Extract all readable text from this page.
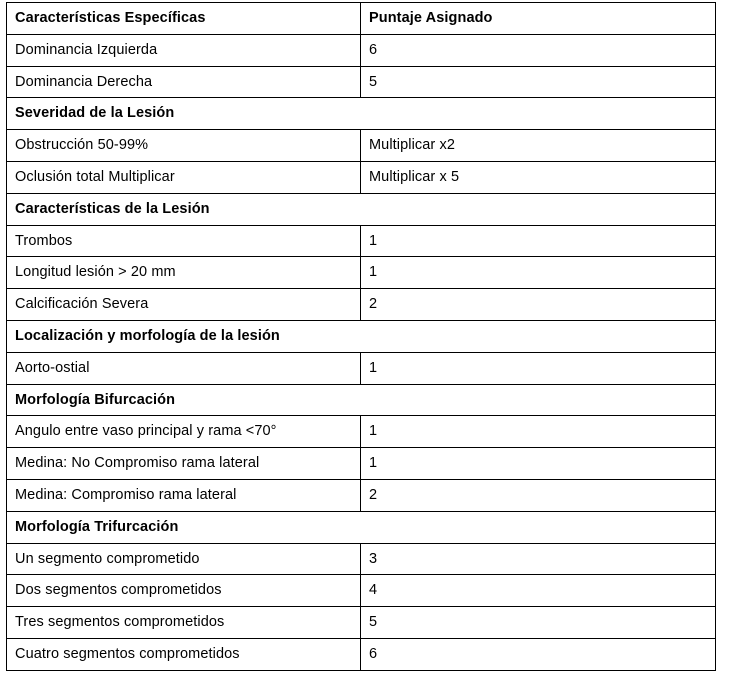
Características Específicas	Puntaje Asignado
Dominancia Izquierda	6
Dominancia Derecha	5
Severidad de la Lesión	
Obstrucción 50-99%	Multiplicar x2
Oclusión total Multiplicar	Multiplicar x 5
Características de la Lesión	
Trombos	1
Longitud lesión > 20 mm	1
Calcificación Severa	2
Localización y morfología de la lesión	
Aorto-ostial	1
Morfología Bifurcación	
Angulo entre vaso principal y rama <70°	1
Medina: No Compromiso rama lateral	1
Medina: Compromiso rama lateral	2
Morfología Trifurcación	
Un segmento comprometido	3
Dos segmentos comprometidos	4
Tres segmentos comprometidos	5
Cuatro segmentos comprometidos	6
